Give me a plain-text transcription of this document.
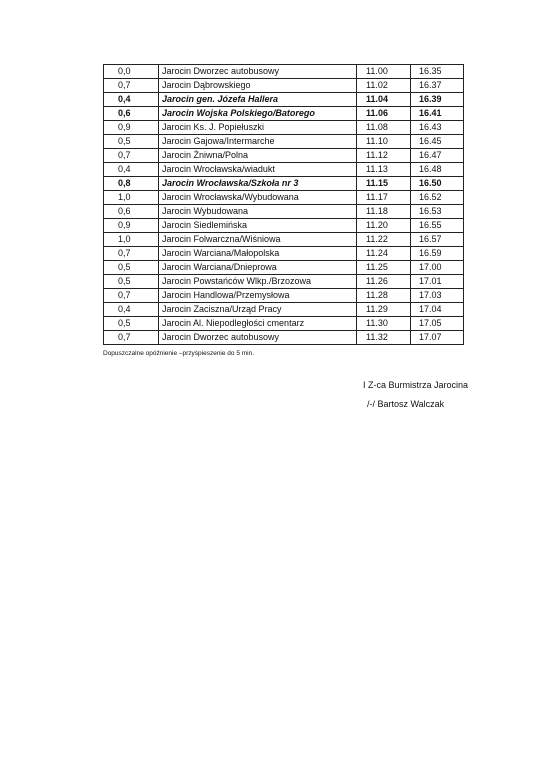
0,0	Jarocin Dworzec autobusowy	11.00	16.35
0,7	Jarocin Dąbrowskiego	11.02	16.37
0,4	Jarocin gen. Józefa Hallera	11.04	16.39
0,6	Jarocin Wojska Polskiego/Batorego	11.06	16.41
0,9	Jarocin Ks. J. Popiełuszki	11.08	16.43
0,5	Jarocin Gajowa/Intermarche	11.10	16.45
0,7	Jarocin Żniwna/Polna	11.12	16.47
0,4	Jarocin Wrocławska/wiadukt	11.13	16.48
0,8	Jarocin Wrocławska/Szkoła nr 3	11.15	16.50
1,0	Jarocin Wrocławska/Wybudowana	11.17	16.52
0,6	Jarocin Wybudowana	11.18	16.53
0,9	Jarocin Siedlemińska	11.20	16.55
1,0	Jarocin Folwarczna/Wiśniowa	11.22	16.57
0,7	Jarocin Warciana/Małopolska	11.24	16.59
0,5	Jarocin Warciana/Dnieprowa	11.25	17.00
0,5	Jarocin Powstańców Wlkp./Brzozowa	11.26	17.01
0,7	Jarocin Handlowa/Przemysłowa	11.28	17.03
0,4	Jarocin Zaciszna/Urząd Pracy	11.29	17.04
0,5	Jarocin Al. Niepodległości cmentarz	11.30	17.05
0,7	Jarocin Dworzec autobusowy	11.32	17.07
Dopuszczalne opóźnienie –przyśpieszenie do 5 min.
I Z-ca Burmistrza Jarocina
/-/ Bartosz Walczak
